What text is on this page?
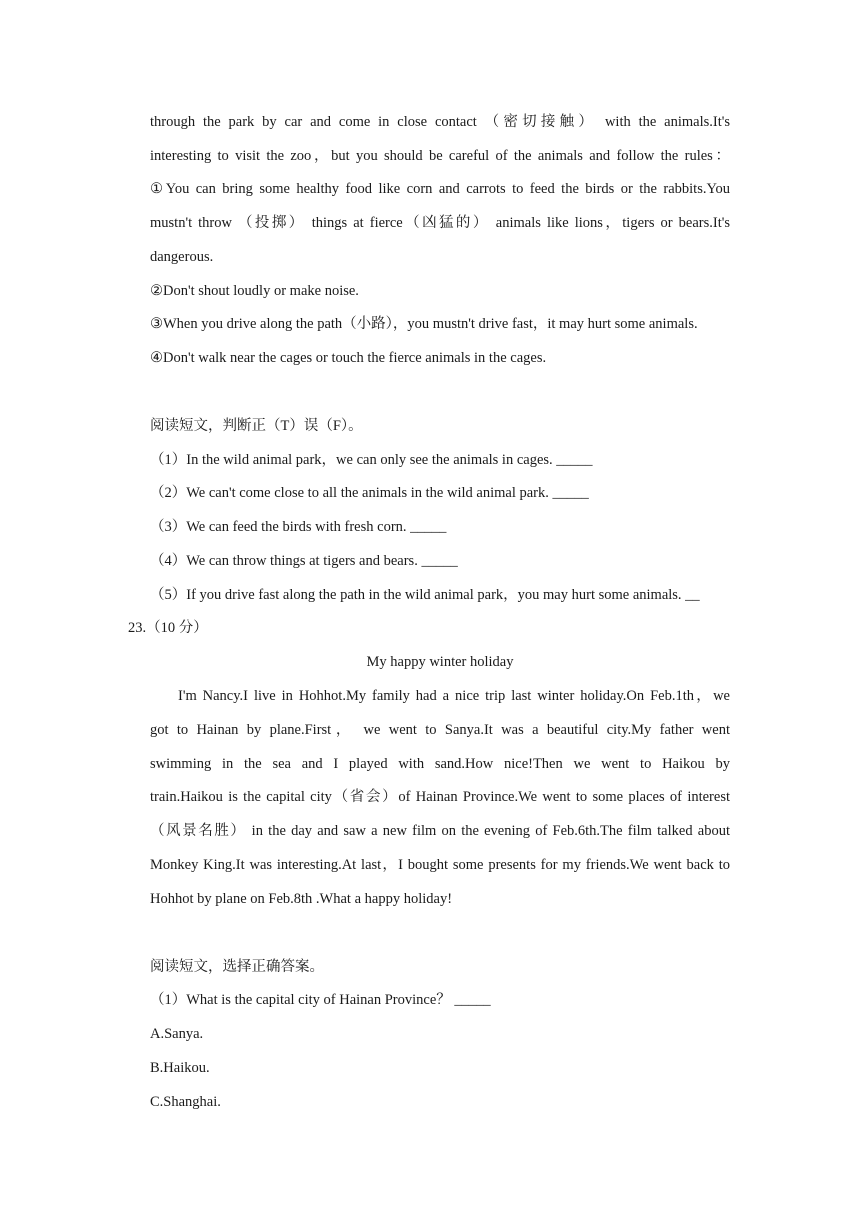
through the park by car and come in close contact （密切接触） with the animals.It's
interesting to visit the zoo，but you should be careful of the animals and follow the rules：
①You can bring some healthy food like corn and carrots to feed the birds or the rabbits.You
mustn't throw （投掷） things at fierce（凶猛的） animals like lions，tigers or bears.It's
dangerous.
②Don't shout loudly or make noise.
③When you drive along the path（小路），you mustn't drive fast，it may hurt some animals.
④Don't walk near the cages or touch the fierce animals in the cages.
阅读短文，判断正（T）误（F）。
（1）In the wild animal park，we can only see the animals in cages. _____
（2）We can't come close to all the animals in the wild animal park. _____
（3）We can feed the birds with fresh corn. _____
（4）We can throw things at tigers and bears. _____
（5）If you drive fast along the path in the wild animal park，you may hurt some animals. __
23.（10 分）
My happy winter holiday
I'm Nancy.I live in Hohhot.My family had a nice trip last winter holiday.On Feb.1th，we
got to Hainan by plane.First， we went to Sanya.It was a beautiful city.My father went
swimming in the sea and I played with sand.How nice!Then we went to Haikou by
train.Haikou is the capital city（省会）of Hainan Province.We went to some places of interest
（风景名胜） in the day and saw a new film on the evening of Feb.6th.The film talked about
Monkey King.It was interesting.At last，I bought some presents for my friends.We went back to
Hohhot by plane on Feb.8th .What a happy holiday!
阅读短文，选择正确答案。
（1）What is the capital city of Hainan Province？ _____
A.Sanya.
B.Haikou.
C.Shanghai.
